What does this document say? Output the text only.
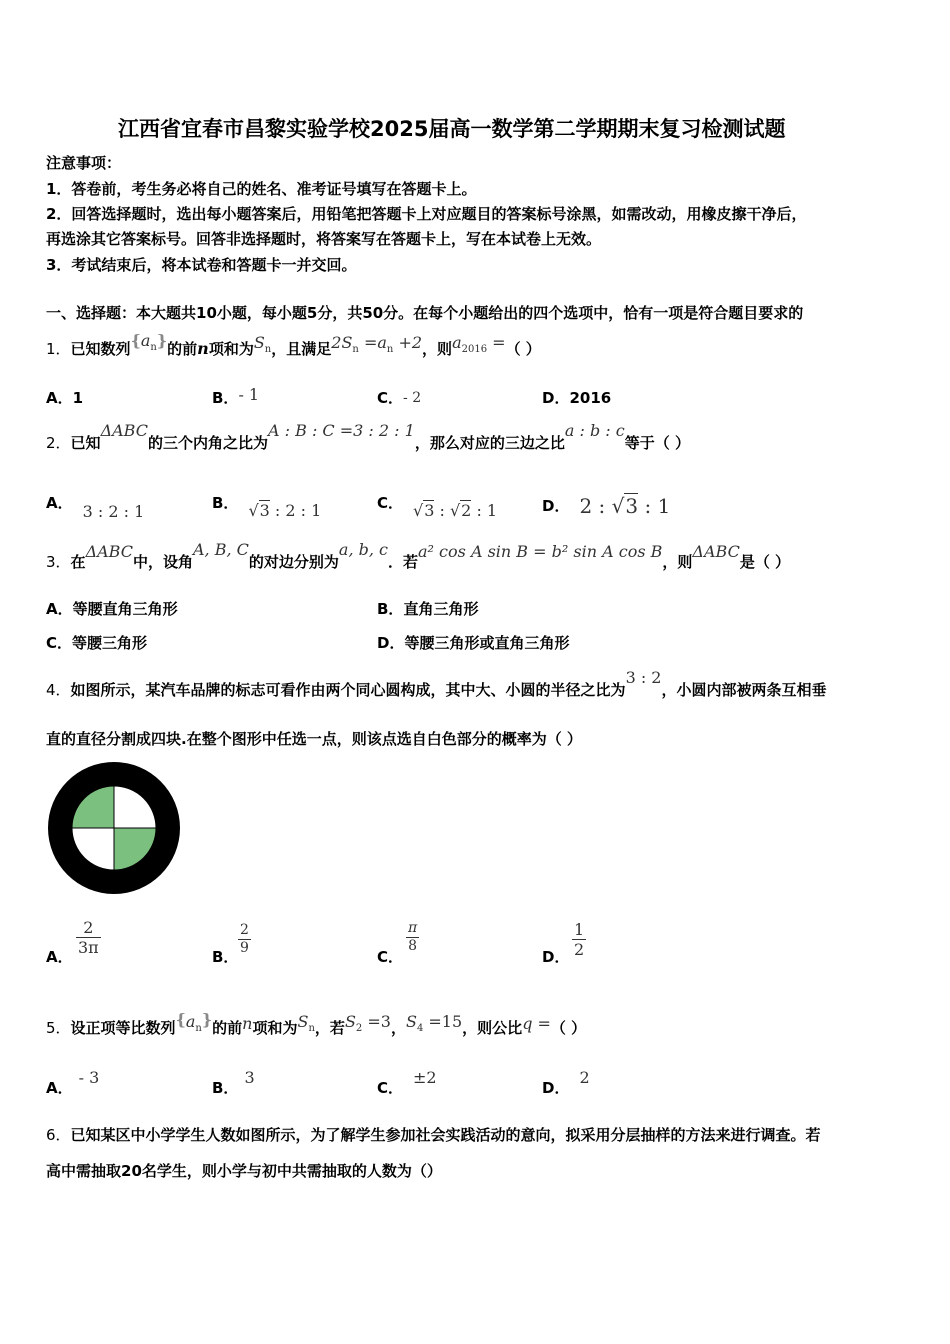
江西省宜春市昌黎实验学校2025届高一数学第二学期期末复习检测试题
注意事项：
1．答卷前，考生务必将自己的姓名、准考证号填写在答题卡上。
2．回答选择题时，选出每小题答案后，用铅笔把答题卡上对应题目的答案标号涂黑，如需改动，用橡皮擦干净后，
再选涂其它答案标号。回答非选择题时，将答案写在答题卡上，写在本试卷上无效。
3．考试结束后，将本试卷和答题卡一并交回。
一、选择题：本大题共10小题，每小题5分，共50分。在每个小题给出的四个选项中，恰有一项是符合题目要求的
1．已知数列$\{a_n\}$的前n项和为$S_n$，且满足$2S_n =a_n +2$，则$a_{2016}$ =（ ）
A．1	B．- 1	C．- 2	D．2016
2．已知ΔABC的三个内角之比为A : B : C =3 : 2 : 1，那么对应的三边之比a : b : c等于（ ）
A． 3 : 2 : 1	B． √3 : 2 : 1	C． √3 : √2 : 1	D． 2 : √3 : 1
3．在ΔABC中，设角A, B, C的对边分别为a, b, c．若a² cos A sin B = b² sin A cos B，则ΔABC是（ ）
A．等腰直角三角形	B．直角三角形
C．等腰三角形	D．等腰三角形或直角三角形
4．如图所示，某汽车品牌的标志可看作由两个同心圆构成，其中大、小圆的半径之比为3 : 2，小圆内部被两条互相垂
直的直径分割成四块.在整个图形中任选一点，则该点选自白色部分的概率为（ ）
A． $\frac{2}{3\pi}$	B．
$\frac{2}{9}$
C．
$\frac{\pi}{8}$
D． $\frac{1}{2}$
5．设正项等比数列$\{a_n\}$的前n项和为$S_n$，若$S_2 =3$，$S_4 =15$，则公比q =（ ）
A．- 3
B．3
C．±2
D．2
6．已知某区中小学学生人数如图所示，为了解学生参加社会实践活动的意向，拟采用分层抽样的方法来进行调查。若
高中需抽取20名学生，则小学与初中共需抽取的人数为（）
